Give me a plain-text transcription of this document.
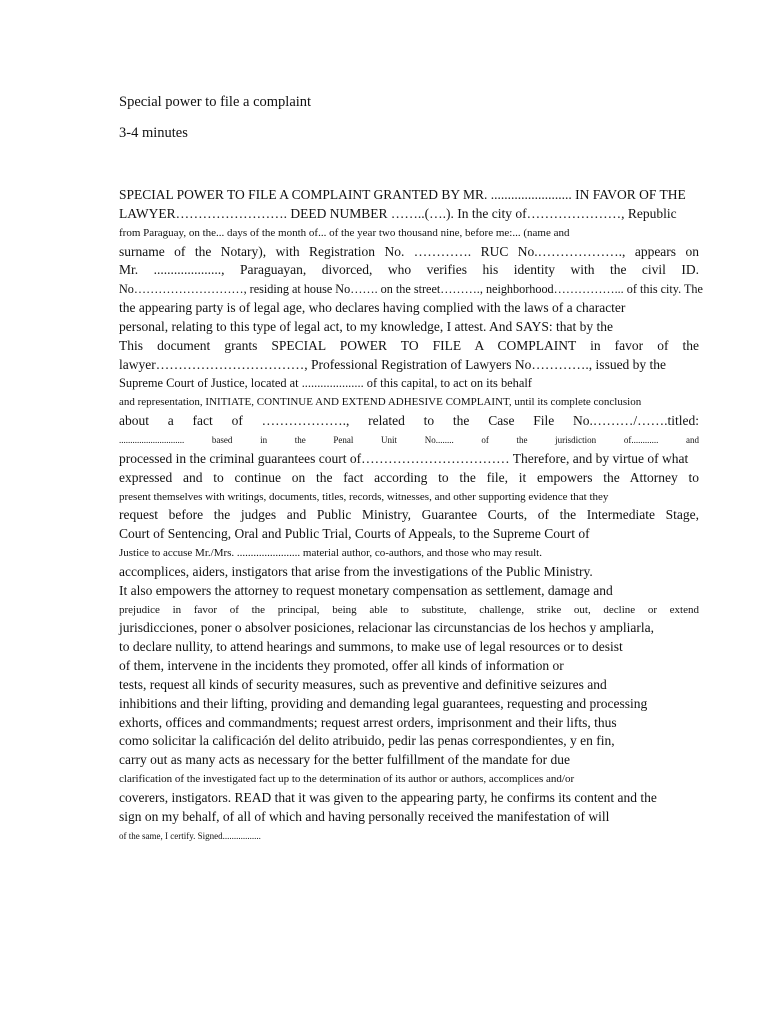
Special power to file a complaint
3-4 minutes
SPECIAL POWER TO FILE A COMPLAINT GRANTED BY MR. ........................ IN FAVOR OF THE
LAWYER……………………. DEED NUMBER ……..(….). In the city of…………………, Republic
from Paraguay, on the... days of the month of... of the year two thousand nine, before me:... (name and
surname of the Notary), with Registration No. …………. RUC No.………………., appears on
Mr. ...................., Paraguayan, divorced, who verifies his identity with the civil ID.
No………………………, residing at house No……. on the street………., neighborhood……………... of this city. The
the appearing party is of legal age, who declares having complied with the laws of a character
personal, relating to this type of legal act, to my knowledge, I attest. And SAYS: that by the
This document grants SPECIAL POWER TO FILE A COMPLAINT in favor of the
lawyer……………………………, Professional Registration of Lawyers No…………., issued by the
Supreme Court of Justice, located at .................... of this capital, to act on its behalf
and representation, INITIATE, CONTINUE AND EXTEND ADHESIVE COMPLAINT, until its complete conclusion
about a fact of ………………., related to the Case File No.………/…….titled:
............................. based in the Penal Unit No........ of the jurisdiction of............ and
processed in the criminal guarantees court of…………………………… Therefore, and by virtue of what
expressed and to continue on the fact according to the file, it empowers the Attorney to
present themselves with writings, documents, titles, records, witnesses, and other supporting evidence that they
request before the judges and Public Ministry, Guarantee Courts, of the Intermediate Stage,
Court of Sentencing, Oral and Public Trial, Courts of Appeals, to the Supreme Court of
Justice to accuse Mr./Mrs. ....................... material author, co-authors, and those who may result.
accomplices, aiders, instigators that arise from the investigations of the Public Ministry.
It also empowers the attorney to request monetary compensation as settlement, damage and
prejudice in favor of the principal, being able to substitute, challenge, strike out, decline or extend
jurisdicciones, poner o absolver posiciones, relacionar las circunstancias de los hechos y ampliarla,
to declare nullity, to attend hearings and summons, to make use of legal resources or to desist
of them, intervene in the incidents they promoted, offer all kinds of information or
tests, request all kinds of security measures, such as preventive and definitive seizures and
inhibitions and their lifting, providing and demanding legal guarantees, requesting and processing
exhorts, offices and commandments; request arrest orders, imprisonment and their lifts, thus
como solicitar la calificación del delito atribuido, pedir las penas correspondientes, y en fin,
carry out as many acts as necessary for the better fulfillment of the mandate for due
clarification of the investigated fact up to the determination of its author or authors, accomplices and/or
coverers, instigators. READ that it was given to the appearing party, he confirms its content and the
sign on my behalf, of all of which and having personally received the manifestation of will
of the same, I certify. Signed.................
